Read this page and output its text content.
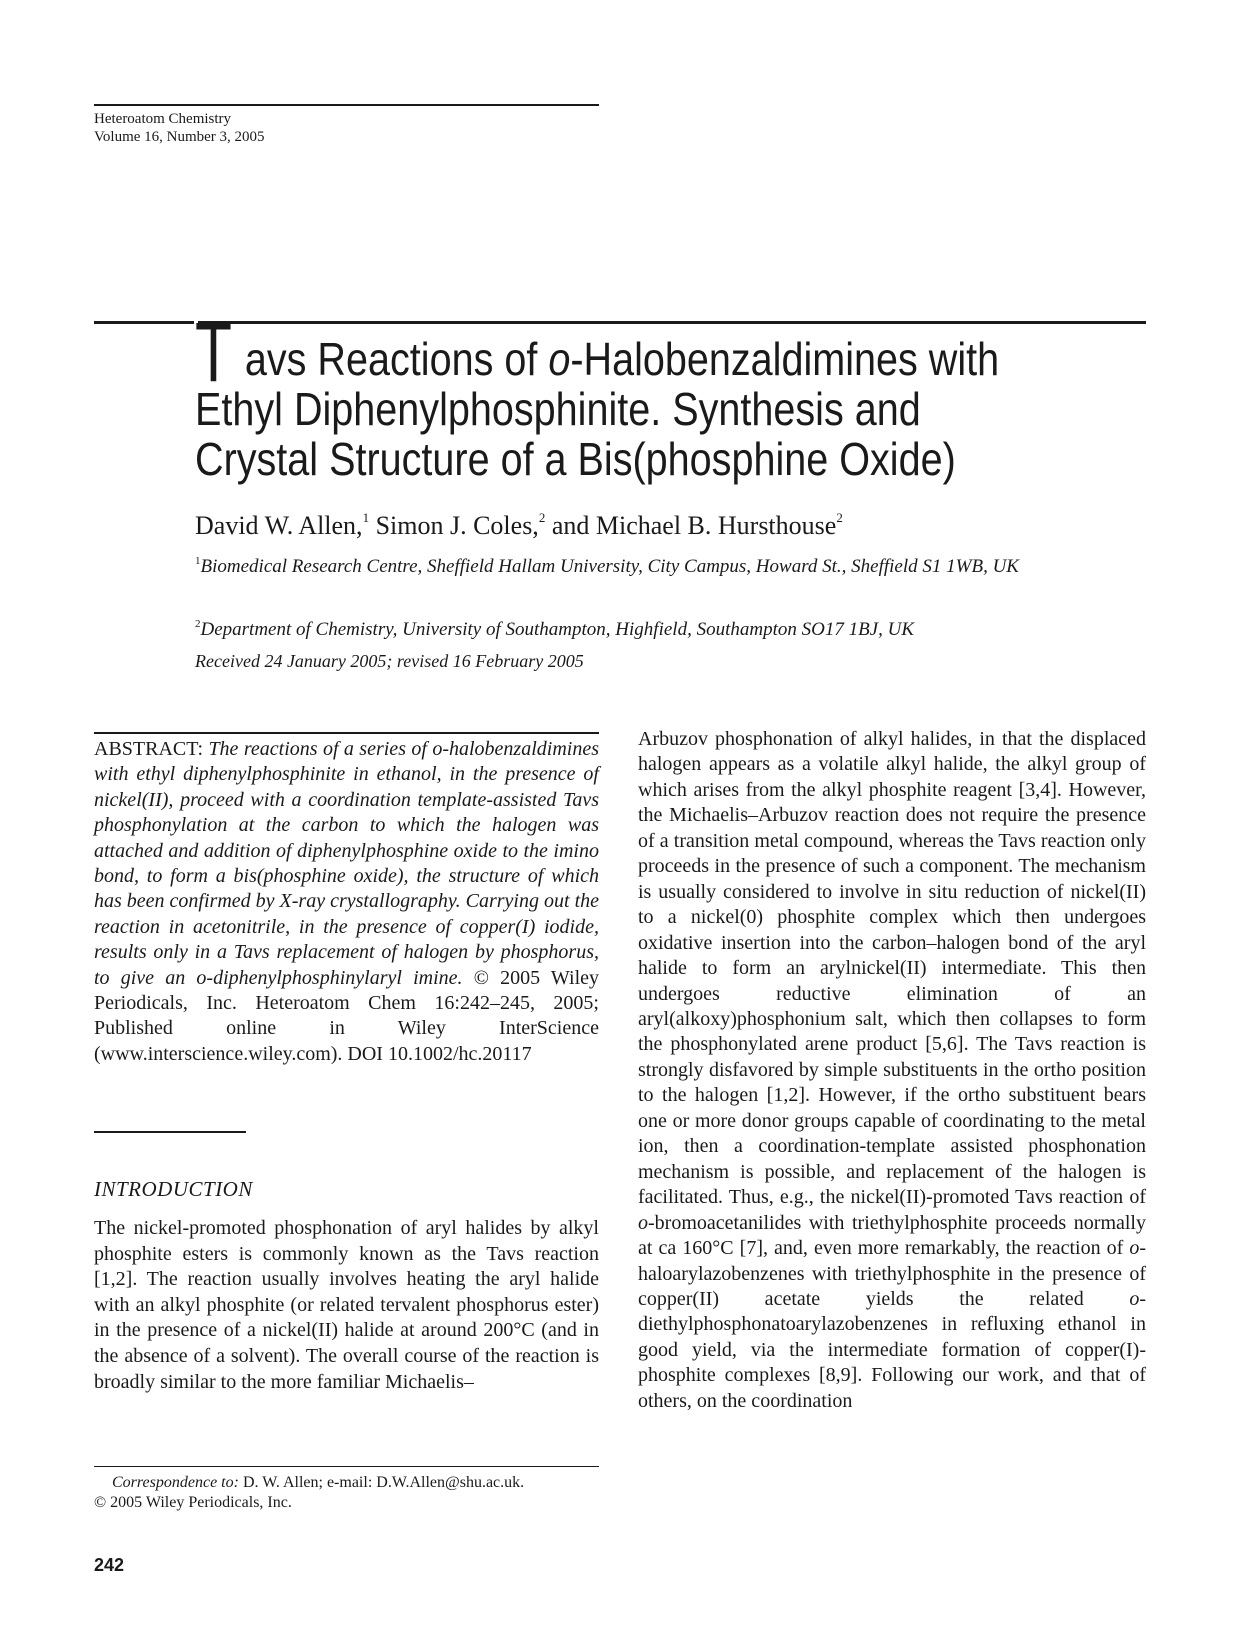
Heteroatom Chemistry
Volume 16, Number 3, 2005
T avs Reactions of o-Halobenzaldimines with
Ethyl Diphenylphosphinite. Synthesis and
Crystal Structure of a Bis(phosphine Oxide)
David W. Allen,$^1$ Simon J. Coles,$^2$ and Michael B. Hursthouse$^2$
$^1$Biomedical Research Centre, Sheffield Hallam University, City Campus, Howard St., Sheffield S1 1WB, UK
$^2$Department of Chemistry, University of Southampton, Highfield, Southampton SO17 1BJ, UK
Received 24 January 2005; revised 16 February 2005
ABSTRACT: The reactions of a series of o-halobenzaldimines with ethyl diphenylphosphinite in ethanol, in the presence of nickel(II), proceed with a coordination template-assisted Tavs phosphonylation at the carbon to which the halogen was attached and addition of diphenylphosphine oxide to the imino bond, to form a bis(phosphine oxide), the structure of which has been confirmed by X-ray crystallography. Carrying out the reaction in acetonitrile, in the presence of copper(I) iodide, results only in a Tavs replacement of halogen by phosphorus, to give an o-diphenylphosphinylaryl imine. © 2005 Wiley Periodicals, Inc. Heteroatom Chem 16:242–245, 2005; Published online in Wiley InterScience (www.interscience.wiley.com). DOI 10.1002/hc.20117
INTRODUCTION
The nickel-promoted phosphonation of aryl halides by alkyl phosphite esters is commonly known as the Tavs reaction [1,2]. The reaction usually involves heating the aryl halide with an alkyl phosphite (or related tervalent phosphorus ester) in the presence of a nickel(II) halide at around 200°C (and in the absence of a solvent). The overall course of the reaction is broadly similar to the more familiar Michaelis–
Correspondence to: D. W. Allen; e-mail: D.W.Allen@shu.ac.uk.
© 2005 Wiley Periodicals, Inc.
242
Arbuzov phosphonation of alkyl halides, in that the displaced halogen appears as a volatile alkyl halide, the alkyl group of which arises from the alkyl phosphite reagent [3,4]. However, the Michaelis–Arbuzov reaction does not require the presence of a transition metal compound, whereas the Tavs reaction only proceeds in the presence of such a component. The mechanism is usually considered to involve in situ reduction of nickel(II) to a nickel(0) phosphite complex which then undergoes oxidative insertion into the carbon–halogen bond of the aryl halide to form an arylnickel(II) intermediate. This then undergoes reductive elimination of an aryl(alkoxy)phosphonium salt, which then collapses to form the phosphonylated arene product [5,6]. The Tavs reaction is strongly disfavored by simple substituents in the ortho position to the halogen [1,2]. However, if the ortho substituent bears one or more donor groups capable of coordinating to the metal ion, then a coordination-template assisted phosphonation mechanism is possible, and replacement of the halogen is facilitated. Thus, e.g., the nickel(II)-promoted Tavs reaction of o-bromoacetanilides with triethylphosphite proceeds normally at ca 160°C [7], and, even more remarkably, the reaction of o-haloarylazobenzenes with triethylphosphite in the presence of copper(II) acetate yields the related o-diethylphosphonatoarylazobenzenes in refluxing ethanol in good yield, via the intermediate formation of copper(I)-phosphite complexes [8,9]. Following our work, and that of others, on the coordination
